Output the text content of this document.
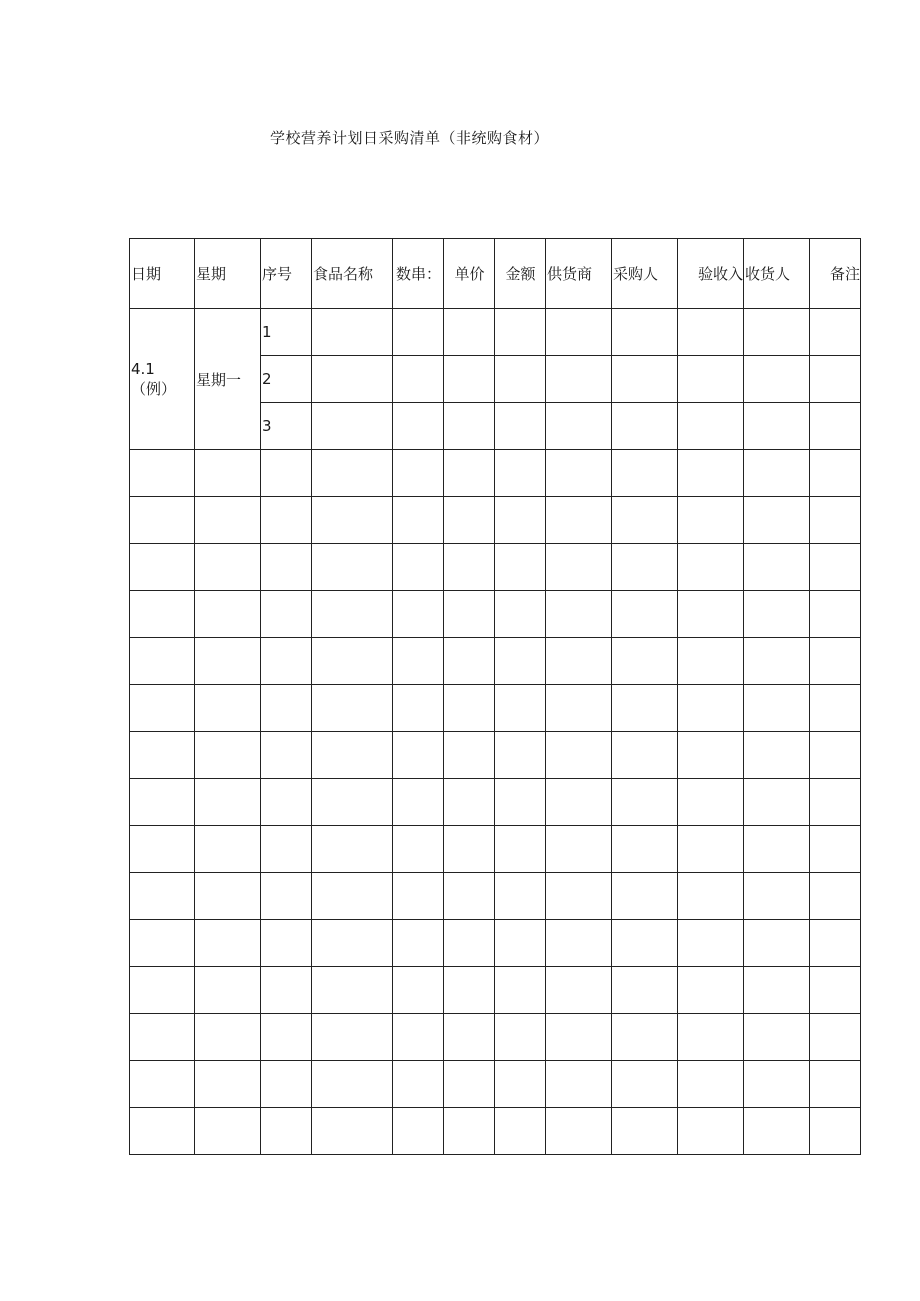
学校营养计划日采购清单（非统购食材）
日期	星期	序号	食品名称	数串：	单价	金额	供货商	采购人	验收入	收货人	备注

4.1（例）	星期一	1									
		2									
		3									
